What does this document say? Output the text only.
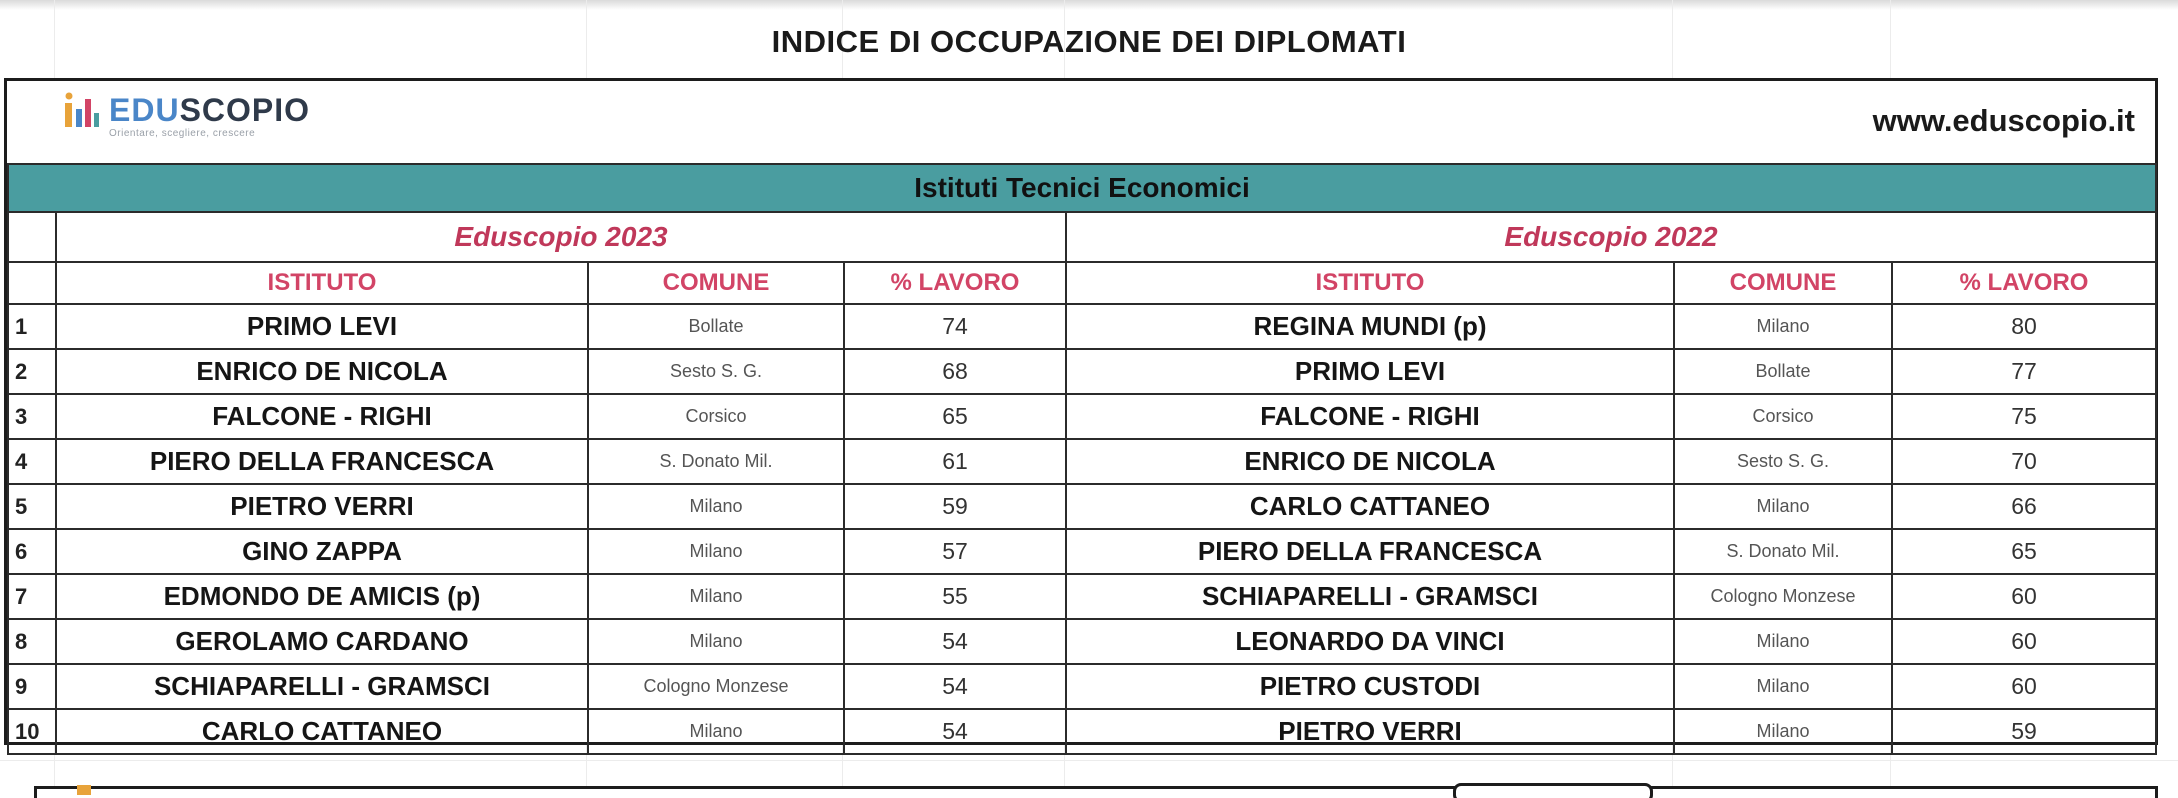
INDICE DI OCCUPAZIONE DEI DIPLOMATI
EDUSCOPIO
Orientare, scegliere, crescere	www.eduscopio.it
Istituti Tecnici Economici						
	Eduscopio 2023			Eduscopio 2022		
	ISTITUTO	COMUNE	% LAVORO	ISTITUTO	COMUNE	% LAVORO
1	PRIMO LEVI	Bollate	74	REGINA MUNDI (p)	Milano	80
2	ENRICO DE NICOLA	Sesto S. G.	68	PRIMO LEVI	Bollate	77
3	FALCONE - RIGHI	Corsico	65	FALCONE - RIGHI	Corsico	75
4	PIERO DELLA FRANCESCA	S. Donato Mil.	61	ENRICO DE NICOLA	Sesto S. G.	70
5	PIETRO VERRI	Milano	59	CARLO CATTANEO	Milano	66
6	GINO ZAPPA	Milano	57	PIERO DELLA FRANCESCA	S. Donato Mil.	65
7	EDMONDO DE AMICIS (p)	Milano	55	SCHIAPARELLI - GRAMSCI	Cologno Monzese	60
8	GEROLAMO CARDANO	Milano	54	LEONARDO DA VINCI	Milano	60
9	SCHIAPARELLI - GRAMSCI	Cologno Monzese	54	PIETRO CUSTODI	Milano	60
10	CARLO CATTANEO	Milano	54	PIETRO VERRI	Milano	59
